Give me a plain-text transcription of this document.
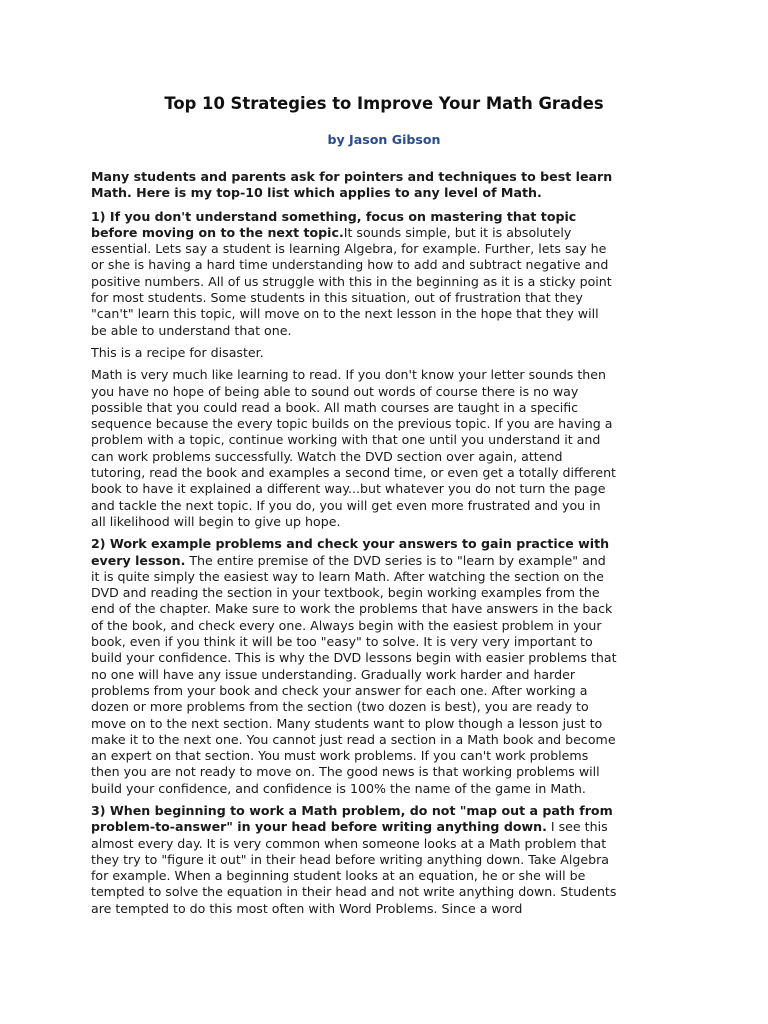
Top 10 Strategies to Improve Your Math Grades
by Jason Gibson

Many students and parents ask for pointers and techniques to best learn Math. Here is my top-10 list which applies to any level of Math.

1) If you don't understand something, focus on mastering that topic before moving on to the next topic.It sounds simple, but it is absolutely essential. Lets say a student is learning Algebra, for example. Further, lets say he or she is having a hard time understanding how to add and subtract negative and positive numbers. All of us struggle with this in the beginning as it is a sticky point for most students. Some students in this situation, out of frustration that they "can't" learn this topic, will move on to the next lesson in the hope that they will be able to understand that one.

This is a recipe for disaster.

Math is very much like learning to read. If you don't know your letter sounds then you have no hope of being able to sound out words of course there is no way possible that you could read a book. All math courses are taught in a specific sequence because the every topic builds on the previous topic. If you are having a problem with a topic, continue working with that one until you understand it and can work problems successfully. Watch the DVD section over again, attend tutoring, read the book and examples a second time, or even get a totally different book to have it explained a different way...but whatever you do not turn the page and tackle the next topic. If you do, you will get even more frustrated and you in all likelihood will begin to give up hope.

2) Work example problems and check your answers to gain practice with every lesson. The entire premise of the DVD series is to "learn by example" and it is quite simply the easiest way to learn Math. After watching the section on the DVD and reading the section in your textbook, begin working examples from the end of the chapter. Make sure to work the problems that have answers in the back of the book, and check every one. Always begin with the easiest problem in your book, even if you think it will be too "easy" to solve. It is very very important to build your confidence. This is why the DVD lessons begin with easier problems that no one will have any issue understanding. Gradually work harder and harder problems from your book and check your answer for each one. After working a dozen or more problems from the section (two dozen is best), you are ready to move on to the next section. Many students want to plow though a lesson just to make it to the next one. You cannot just read a section in a Math book and become an expert on that section. You must work problems. If you can't work problems then you are not ready to move on. The good news is that working problems will build your confidence, and confidence is 100% the name of the game in Math.

3) When beginning to work a Math problem, do not "map out a path from problem-to-answer" in your head before writing anything down. I see this almost every day. It is very common when someone looks at a Math problem that they try to "figure it out" in their head before writing anything down. Take Algebra for example. When a beginning student looks at an equation, he or she will be tempted to solve the equation in their head and not write anything down. Students are tempted to do this most often with Word Problems. Since a word
